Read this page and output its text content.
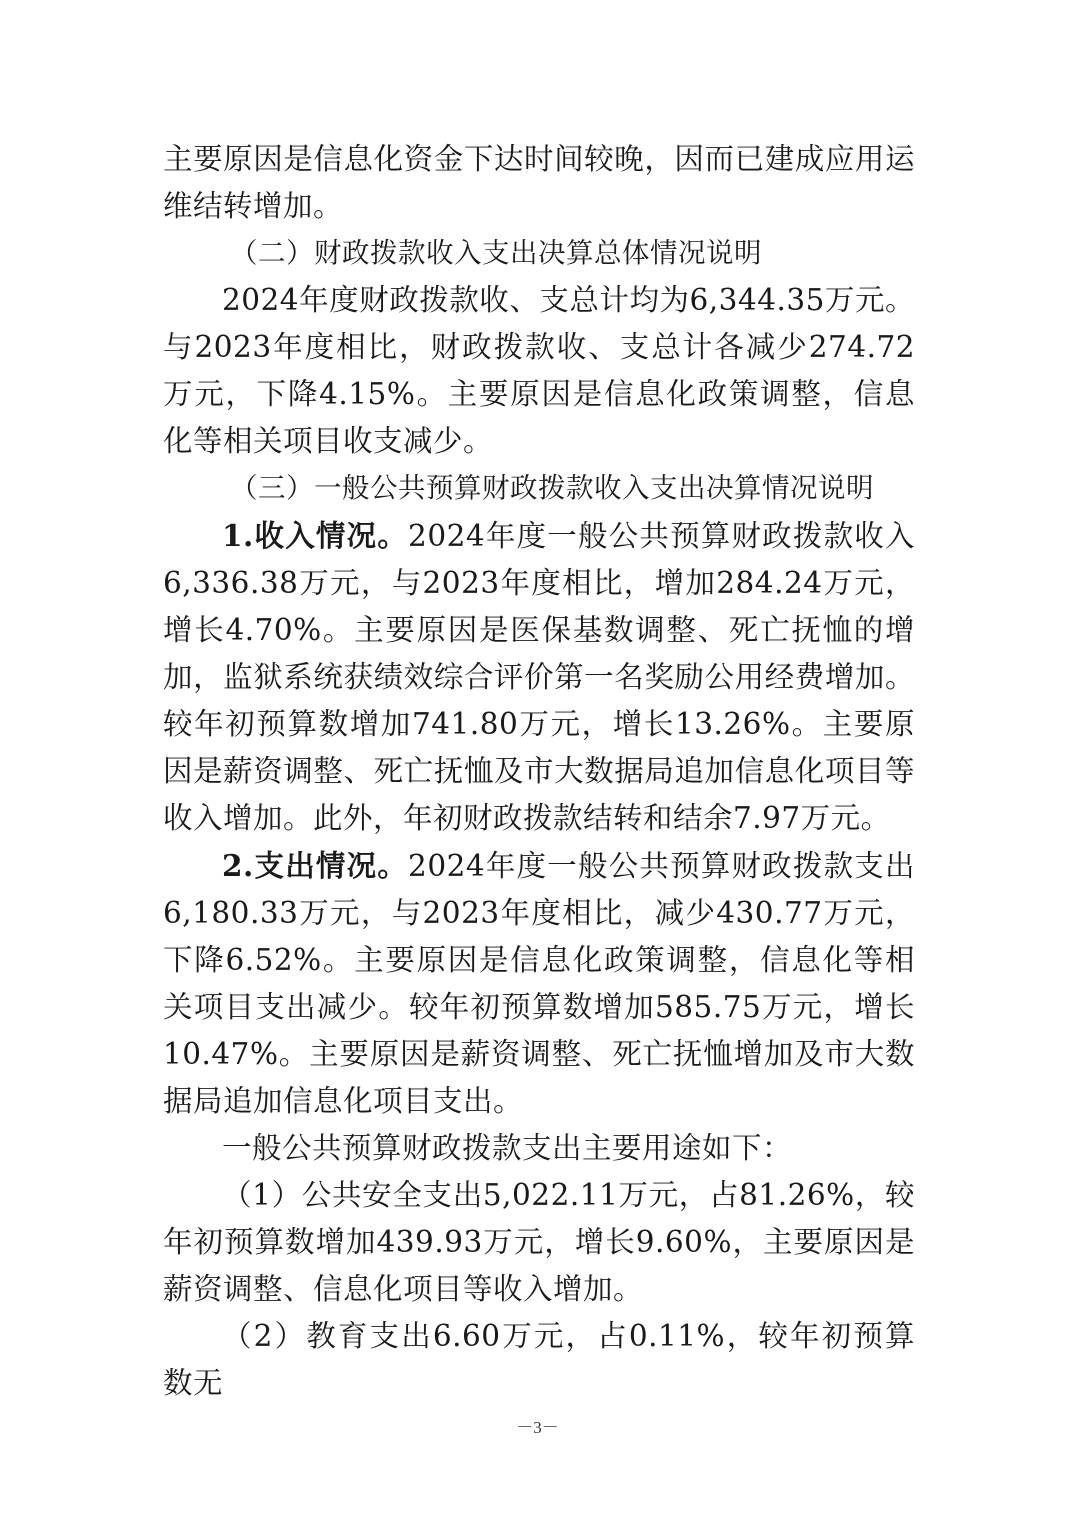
主要原因是信息化资金下达时间较晚，因而已建成应用运维结转增加。

（二）财政拨款收入支出决算总体情况说明

2024年度财政拨款收、支总计均为6,344.35万元。与2023年度相比，财政拨款收、支总计各减少274.72万元，下降4.15%。主要原因是信息化政策调整，信息化等相关项目收支减少。

（三）一般公共预算财政拨款收入支出决算情况说明

1.收入情况。2024年度一般公共预算财政拨款收入6,336.38万元，与2023年度相比，增加284.24万元，增长4.70%。主要原因是医保基数调整、死亡抚恤的增加，监狱系统获绩效综合评价第一名奖励公用经费增加。较年初预算数增加741.80万元，增长13.26%。主要原因是薪资调整、死亡抚恤及市大数据局追加信息化项目等收入增加。此外，年初财政拨款结转和结余7.97万元。

2.支出情况。2024年度一般公共预算财政拨款支出6,180.33万元，与2023年度相比，减少430.77万元，下降6.52%。主要原因是信息化政策调整，信息化等相关项目支出减少。较年初预算数增加585.75万元，增长10.47%。主要原因是薪资调整、死亡抚恤增加及市大数据局追加信息化项目支出。

一般公共预算财政拨款支出主要用途如下：

（1）公共安全支出5,022.11万元，占81.26%，较年初预算数增加439.93万元，增长9.60%，主要原因是薪资调整、信息化项目等收入增加。

（2）教育支出6.60万元，占0.11%，较年初预算数无

－3－
